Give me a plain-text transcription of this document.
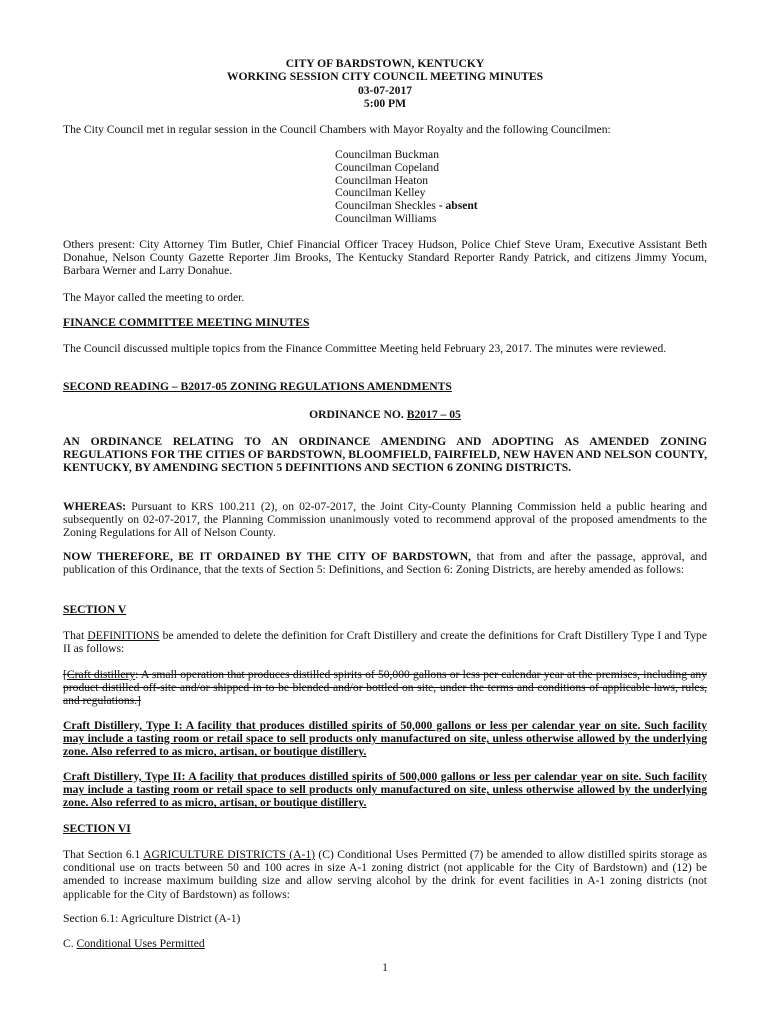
CITY OF BARDSTOWN, KENTUCKY
WORKING SESSION CITY COUNCIL MEETING MINUTES
03-07-2017
5:00 PM
The City Council met in regular session in the Council Chambers with Mayor Royalty and the following Councilmen:
Councilman Buckman
Councilman Copeland
Councilman Heaton
Councilman Kelley
Councilman Sheckles - absent
Councilman Williams
Others present: City Attorney Tim Butler, Chief Financial Officer Tracey Hudson, Police Chief Steve Uram, Executive Assistant Beth Donahue, Nelson County Gazette Reporter Jim Brooks, The Kentucky Standard Reporter Randy Patrick, and citizens Jimmy Yocum, Barbara Werner and Larry Donahue.
The Mayor called the meeting to order.
FINANCE COMMITTEE MEETING MINUTES
The Council discussed multiple topics from the Finance Committee Meeting held February 23, 2017. The minutes were reviewed.
SECOND READING – B2017-05 ZONING REGULATIONS AMENDMENTS
ORDINANCE NO. B2017 – 05
AN ORDINANCE RELATING TO AN ORDINANCE AMENDING AND ADOPTING AS AMENDED ZONING REGULATIONS FOR THE CITIES OF BARDSTOWN, BLOOMFIELD, FAIRFIELD, NEW HAVEN AND NELSON COUNTY, KENTUCKY, BY AMENDING SECTION 5 DEFINITIONS AND SECTION 6 ZONING DISTRICTS.
WHEREAS: Pursuant to KRS 100.211 (2), on 02-07-2017, the Joint City-County Planning Commission held a public hearing and subsequently on 02-07-2017, the Planning Commission unanimously voted to recommend approval of the proposed amendments to the Zoning Regulations for All of Nelson County.
NOW THEREFORE, BE IT ORDAINED BY THE CITY OF BARDSTOWN, that from and after the passage, approval, and publication of this Ordinance, that the texts of Section 5: Definitions, and Section 6: Zoning Districts, are hereby amended as follows:
SECTION V
That DEFINITIONS be amended to delete the definition for Craft Distillery and create the definitions for Craft Distillery Type I and Type II as follows:
[Craft distillery: A small operation that produces distilled spirits of 50,000 gallons or less per calendar year at the premises, including any product distilled off-site and/or shipped in to be blended and/or bottled on site, under the terms and conditions of applicable laws, rules, and regulations.]
Craft Distillery, Type I: A facility that produces distilled spirits of 50,000 gallons or less per calendar year on site. Such facility may include a tasting room or retail space to sell products only manufactured on site, unless otherwise allowed by the underlying zone. Also referred to as micro, artisan, or boutique distillery.
Craft Distillery, Type II: A facility that produces distilled spirits of 500,000 gallons or less per calendar year on site. Such facility may include a tasting room or retail space to sell products only manufactured on site, unless otherwise allowed by the underlying zone. Also referred to as micro, artisan, or boutique distillery.
SECTION VI
That Section 6.1 AGRICULTURE DISTRICTS (A-1) (C) Conditional Uses Permitted (7) be amended to allow distilled spirits storage as conditional use on tracts between 50 and 100 acres in size A-1 zoning district (not applicable for the City of Bardstown) and (12) be amended to increase maximum building size and allow serving alcohol by the drink for event facilities in A-1 zoning districts (not applicable for the City of Bardstown) as follows:
Section 6.1: Agriculture District (A-1)
C. Conditional Uses Permitted
1
